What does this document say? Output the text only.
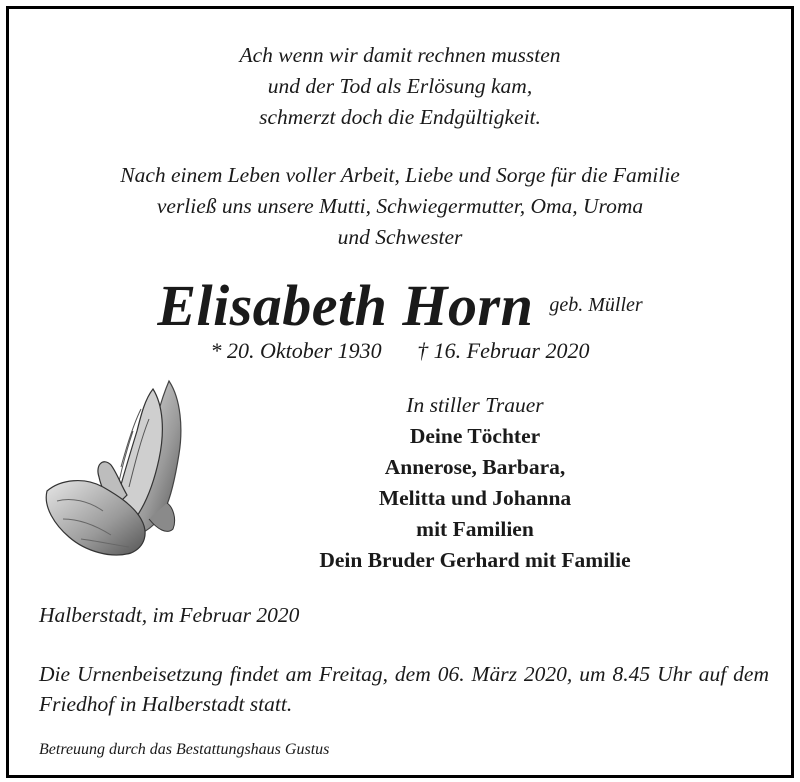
Ach wenn wir damit rechnen mussten
und der Tod als Erlösung kam,
schmerzt doch die Endgültigkeit.
Nach einem Leben voller Arbeit, Liebe und Sorge für die Familie
verließ uns unsere Mutti, Schwiegermutter, Oma, Uroma
und Schwester
Elisabeth Horn geb. Müller
* 20. Oktober 1930 † 16. Februar 2020
In stiller Trauer
Deine Töchter
Annerose, Barbara,
Melitta und Johanna
mit Familien
Dein Bruder Gerhard mit Familie
Halberstadt, im Februar 2020
Die Urnenbeisetzung findet am Freitag, dem 06. März 2020, um 8.45 Uhr auf dem Friedhof in Halberstadt statt.
Betreuung durch das Bestattungshaus Gustus
